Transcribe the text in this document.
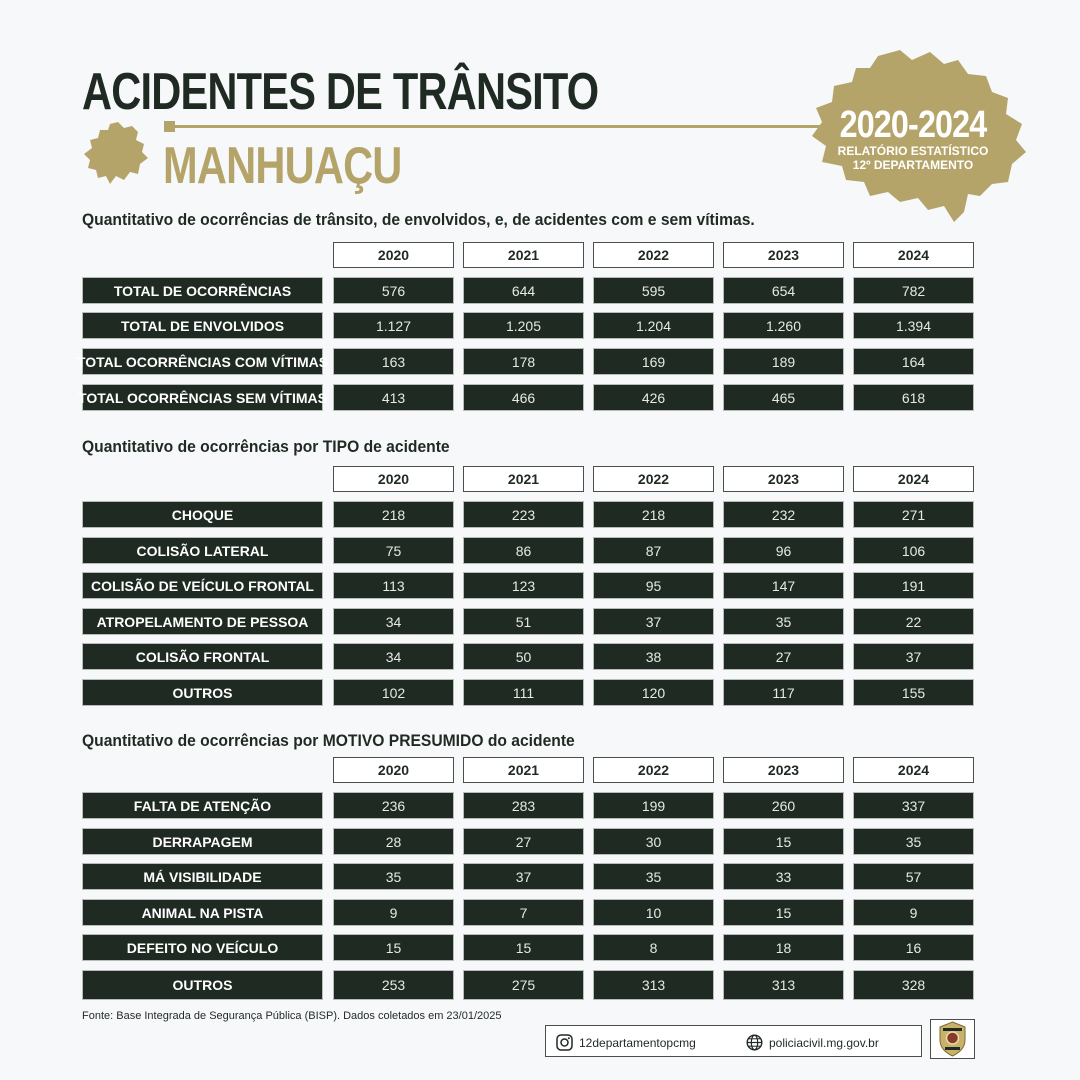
ACIDENTES DE TRÂNSITO
MANHUAÇU
2020-2024
RELATÓRIO ESTATÍSTICO
12º DEPARTAMENTO
Quantitativo de ocorrências de trânsito, de envolvidos, e, de acidentes com e sem vítimas.
2020	2021	2022	2023	2024
TOTAL DE OCORRÊNCIAS	576	644	595	654	782
TOTAL DE ENVOLVIDOS	1.127	1.205	1.204	1.260	1.394
TOTAL OCORRÊNCIAS COM VÍTIMAS	163	178	169	189	164
TOTAL OCORRÊNCIAS SEM VÍTIMAS	413	466	426	465	618
Quantitativo de ocorrências por TIPO de acidente
2020	2021	2022	2023	2024
CHOQUE	218	223	218	232	271
COLISÃO LATERAL	75	86	87	96	106
COLISÃO DE VEÍCULO FRONTAL	113	123	95	147	191
ATROPELAMENTO DE PESSOA	34	51	37	35	22
COLISÃO FRONTAL	34	50	38	27	37
OUTROS	102	111	120	117	155
Quantitativo de ocorrências por MOTIVO PRESUMIDO do acidente
2020	2021	2022	2023	2024
FALTA DE ATENÇÃO	236	283	199	260	337
DERRAPAGEM	28	27	30	15	35
MÁ VISIBILIDADE	35	37	35	33	57
ANIMAL NA PISTA	9	7	10	15	9
DEFEITO NO VEÍCULO	15	15	8	18	16
OUTROS	253	275	313	313	328
Fonte: Base Integrada de Segurança Pública (BISP). Dados coletados em 23/01/2025
12departamentopcmg	policiacivil.mg.gov.br
